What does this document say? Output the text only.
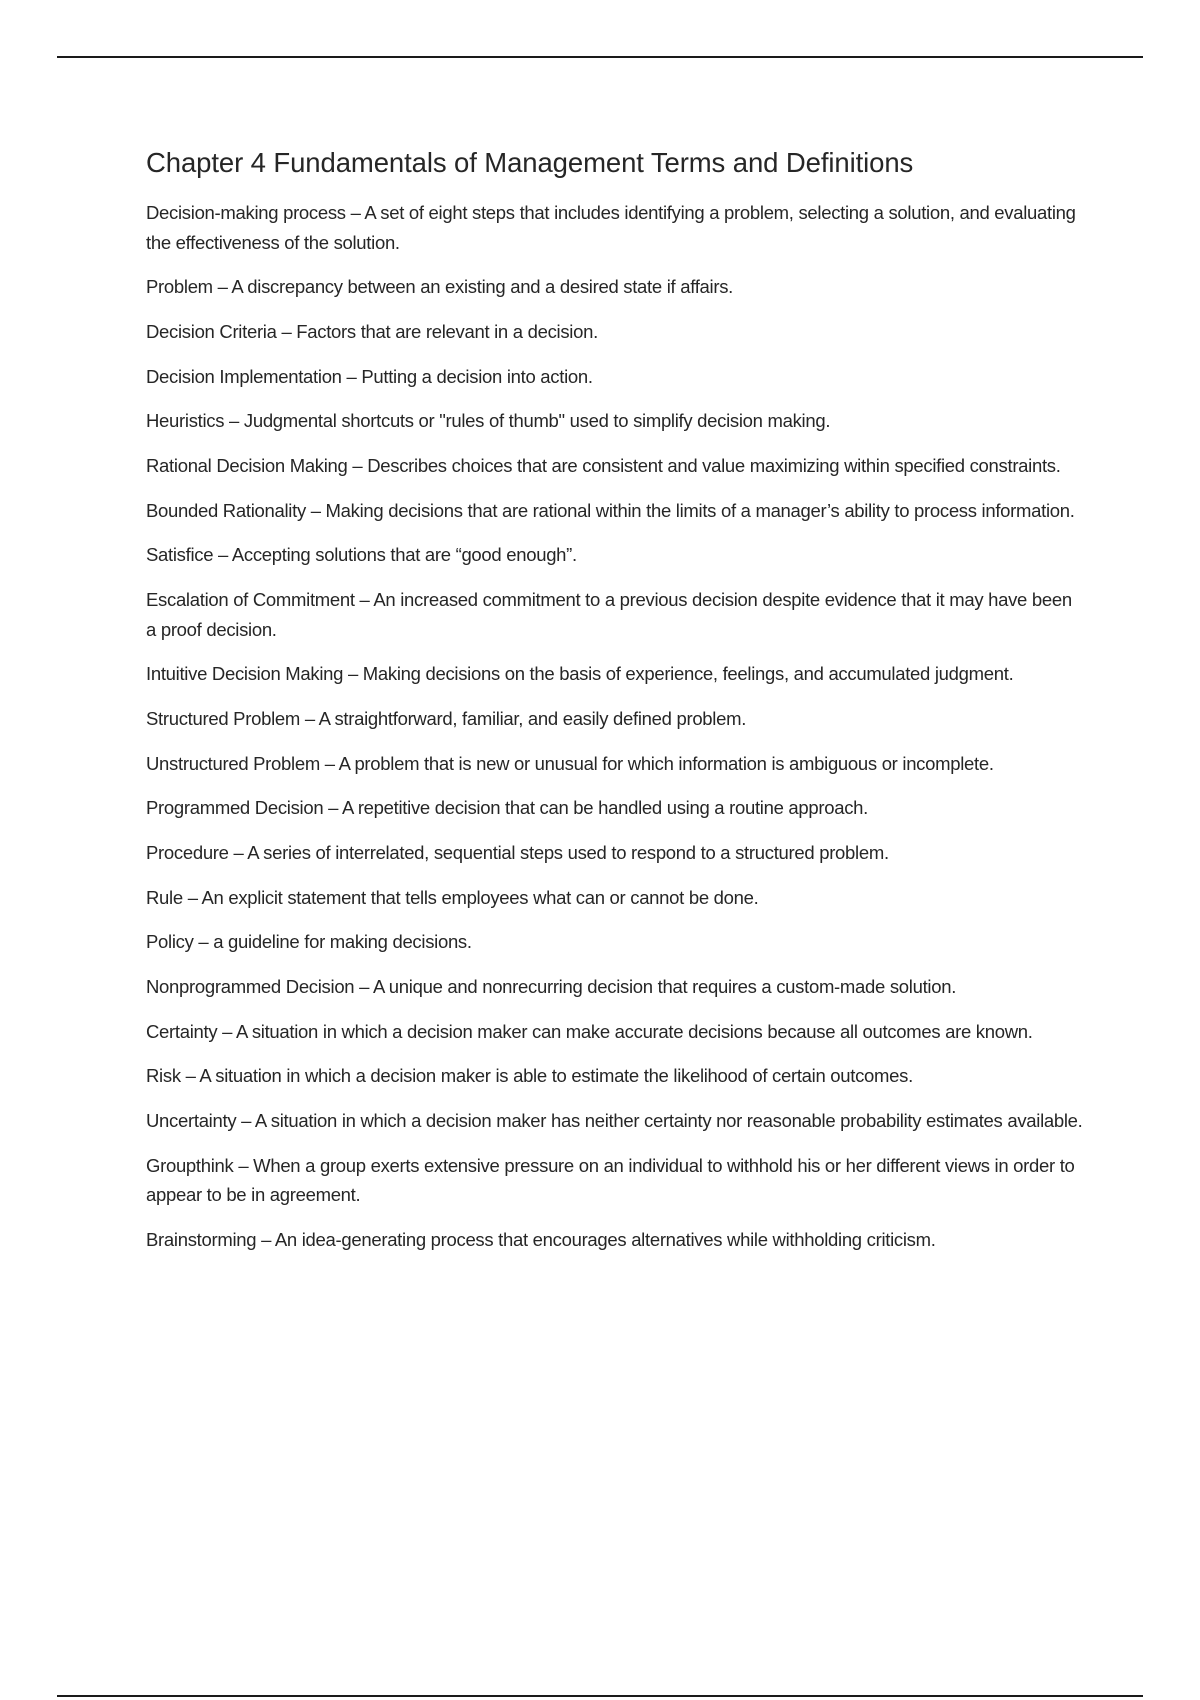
Chapter 4 Fundamentals of Management Terms and Definitions
Decision-making process – A set of eight steps that includes identifying a problem, selecting a solution, and evaluating the effectiveness of the solution.
Problem – A discrepancy between an existing and a desired state if affairs.
Decision Criteria – Factors that are relevant in a decision.
Decision Implementation – Putting a decision into action.
Heuristics – Judgmental shortcuts or "rules of thumb" used to simplify decision making.
Rational Decision Making – Describes choices that are consistent and value maximizing within specified constraints.
Bounded Rationality – Making decisions that are rational within the limits of a manager’s ability to process information.
Satisfice – Accepting solutions that are “good enough”.
Escalation of Commitment – An increased commitment to a previous decision despite evidence that it may have been a proof decision.
Intuitive Decision Making – Making decisions on the basis of experience, feelings, and accumulated judgment.
Structured Problem – A straightforward, familiar, and easily defined problem.
Unstructured Problem – A problem that is new or unusual for which information is ambiguous or incomplete.
Programmed Decision – A repetitive decision that can be handled using a routine approach.
Procedure – A series of interrelated, sequential steps used to respond to a structured problem.
Rule – An explicit statement that tells employees what can or cannot be done.
Policy – a guideline for making decisions.
Nonprogrammed Decision – A unique and nonrecurring decision that requires a custom-made solution.
Certainty – A situation in which a decision maker can make accurate decisions because all outcomes are known.
Risk – A situation in which a decision maker is able to estimate the likelihood of certain outcomes.
Uncertainty – A situation in which a decision maker has neither certainty nor reasonable probability estimates available.
Groupthink – When a group exerts extensive pressure on an individual to withhold his or her different views in order to appear to be in agreement.
Brainstorming – An idea-generating process that encourages alternatives while withholding criticism.
